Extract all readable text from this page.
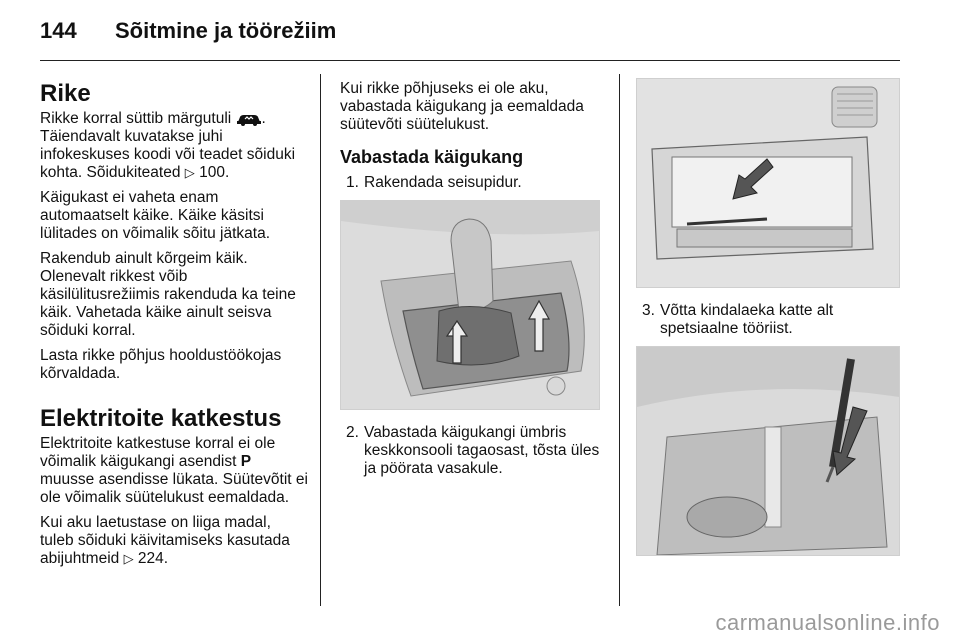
144 Sõitmine ja töörežiim
Rike

Rikke korral süttib märgutuli . Täiendavalt kuvatakse juhi infokeskuses koodi või teadet sõiduki kohta. Sõidukiteated ▷ 100.

Käigukast ei vaheta enam automaatselt käike. Käike käsitsi lülitades on võimalik sõitu jätkata.

Rakendub ainult kõrgeim käik. Olenevalt rikkest võib käsilülitusrežiimis rakenduda ka teine käik. Vahetada käike ainult seisva sõiduki korral.

Lasta rikke põhjus hooldustöökojas kõrvaldada.

Elektritoite katkestus

Elektritoite katkestuse korral ei ole võimalik käigukangi asendist P muusse asendisse lükata. Süütevõtit ei ole võimalik süütelukust eemaldada.

Kui aku laetustase on liiga madal, tuleb sõiduki käivitamiseks kasutada abijuhtmeid ▷ 224.

Kui rikke põhjuseks ei ole aku, vabastada käigukang ja eemaldada süütevõti süütelukust.

Vabastada käigukang
1. Rakendada seisupidur.
2. Vabastada käigukangi ümbris keskkonsooli tagaosast, tõsta üles ja pöörata vasakule.
3. Võtta kindalaeka katte alt spetsiaalne tööriist.
carmanualsonline.info
